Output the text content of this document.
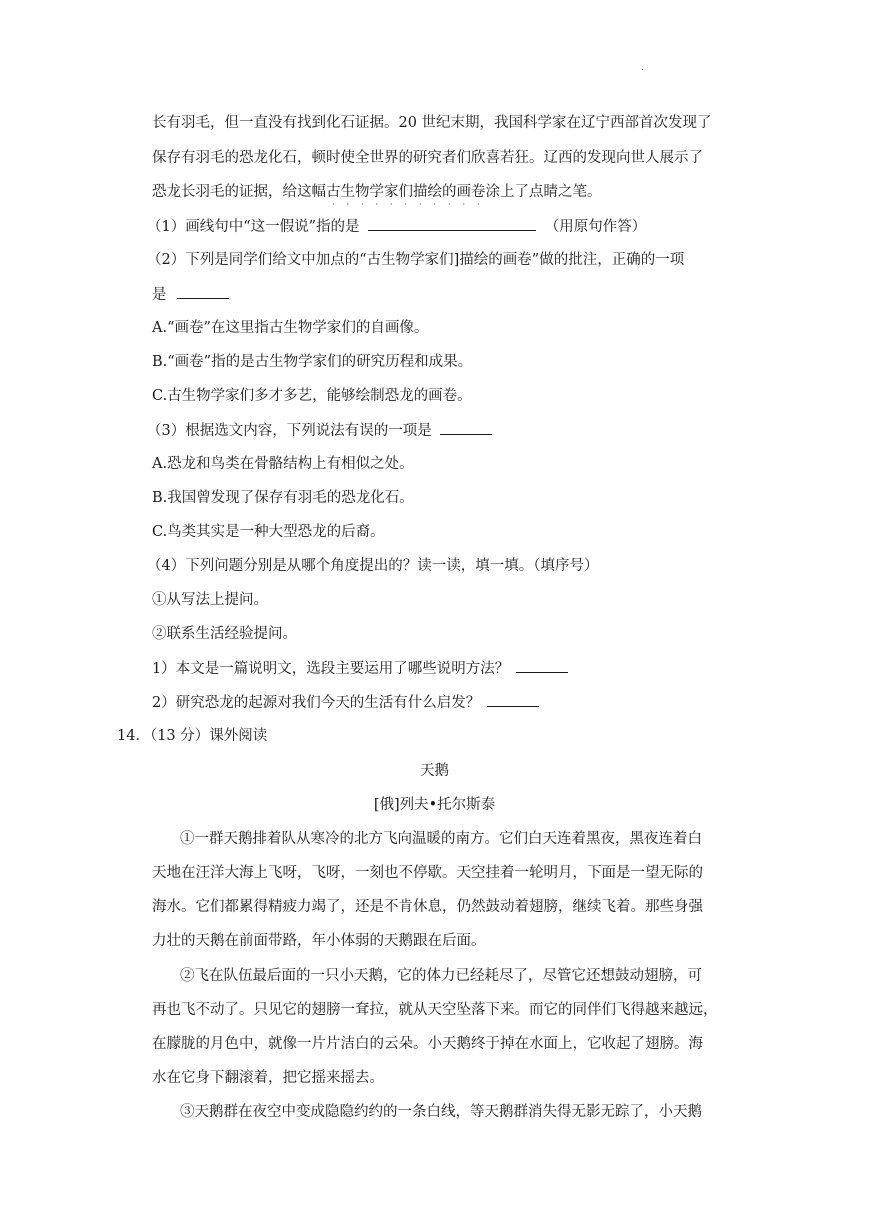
.
长有羽毛，但一直没有找到化石证据。20 世纪末期，我国科学家在辽宁西部首次发现了
保存有羽毛的恐龙化石，顿时使全世界的研究者们欣喜若狂。辽西的发现向世人展示了
恐龙长羽毛的证据，给这幅古生物学家们描绘的画卷
· · · · · · · · · · ·
涂上了点睛之笔。
（1）画线句中“这一假说”指的是	（用原句作答）
（2）下列是同学们给文中加点的“古生物学家们]描绘的画卷”做的批注，正确的一项
是
A.“画卷”在这里指古生物学家们的自画像。
B.“画卷”指的是古生物学家们的研究历程和成果。
C.古生物学家们多才多艺，能够绘制恐龙的画卷。
（3）根据选文内容，下列说法有误的一项是
A.恐龙和鸟类在骨骼结构上有相似之处。
B.我国曾发现了保存有羽毛的恐龙化石。
C.鸟类其实是一种大型恐龙的后裔。
（4）下列问题分别是从哪个角度提出的？读一读，填一填。（填序号）
①从写法上提问。
②联系生活经验提问。
1）本文是一篇说明文，选段主要运用了哪些说明方法？
2）研究恐龙的起源对我们今天的生活有什么启发？
14．（13 分）课外阅读
天鹅
[俄]列夫•托尔斯泰
①一群天鹅排着队从寒冷的北方飞向温暖的南方。它们白天连着黑夜，黑夜连着白
天地在汪洋大海上飞呀，飞呀，一刻也不停歇。天空挂着一轮明月，下面是一望无际的
海水。它们都累得精疲力竭了，还是不肯休息，仍然鼓动着翅膀，继续飞着。那些身强
力壮的天鹅在前面带路，年小体弱的天鹅跟在后面。
②飞在队伍最后面的一只小天鹅，它的体力已经耗尽了，尽管它还想鼓动翅膀，可
再也飞不动了。只见它的翅膀一耷拉，就从天空坠落下来。而它的同伴们飞得越来越远，
在朦胧的月色中，就像一片片洁白的云朵。小天鹅终于掉在水面上，它收起了翅膀。海
水在它身下翻滚着，把它摇来摇去。
③天鹅群在夜空中变成隐隐约约的一条白线，等天鹅群消失得无影无踪了，小天鹅
